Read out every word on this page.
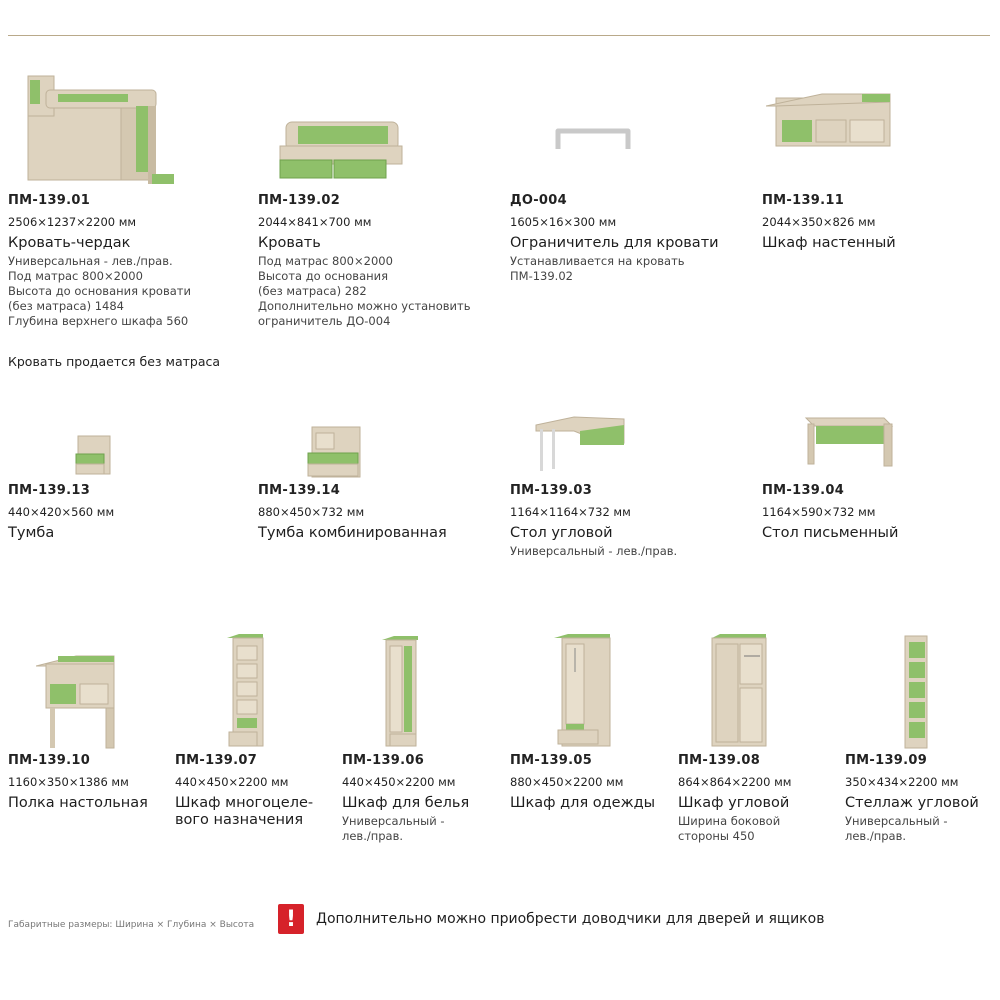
ПМ-139.01
2506×1237×2200 мм
Кровать-чердак
Универсальная - лев./прав.
Под матрас 800×2000
Высота до основания кровати
(без матраса) 1484
Глубина верхнего шкафа 560
ПМ-139.02
2044×841×700 мм
Кровать
Под матрас 800×2000
Высота до основания
(без матраса) 282
Дополнительно можно установить
ограничитель ДО-004
ДО-004
1605×16×300 мм
Ограничитель для кровати
Устанавливается на кровать
ПМ-139.02
ПМ-139.11
2044×350×826 мм
Шкаф настенный
Кровать продается без матраса
ПМ-139.13
440×420×560 мм
Тумба
ПМ-139.14
880×450×732 мм
Тумба комбинированная
ПМ-139.03
1164×1164×732 мм
Стол угловой
Универсальный - лев./прав.
ПМ-139.04
1164×590×732 мм
Стол письменный
ПМ-139.10
1160×350×1386 мм
Полка настольная
ПМ-139.07
440×450×2200 мм
Шкаф многоцеле-
вого назначения
ПМ-139.06
440×450×2200 мм
Шкаф для белья
Универсальный -
лев./прав.
ПМ-139.05
880×450×2200 мм
Шкаф для одежды
ПМ-139.08
864×864×2200 мм
Шкаф угловой
Ширина боковой
стороны 450
ПМ-139.09
350×434×2200 мм
Стеллаж угловой
Универсальный -
лев./прав.
Габаритные размеры: Ширина × Глубина × Высота	!	Дополнительно можно приобрести доводчики для дверей и ящиков
